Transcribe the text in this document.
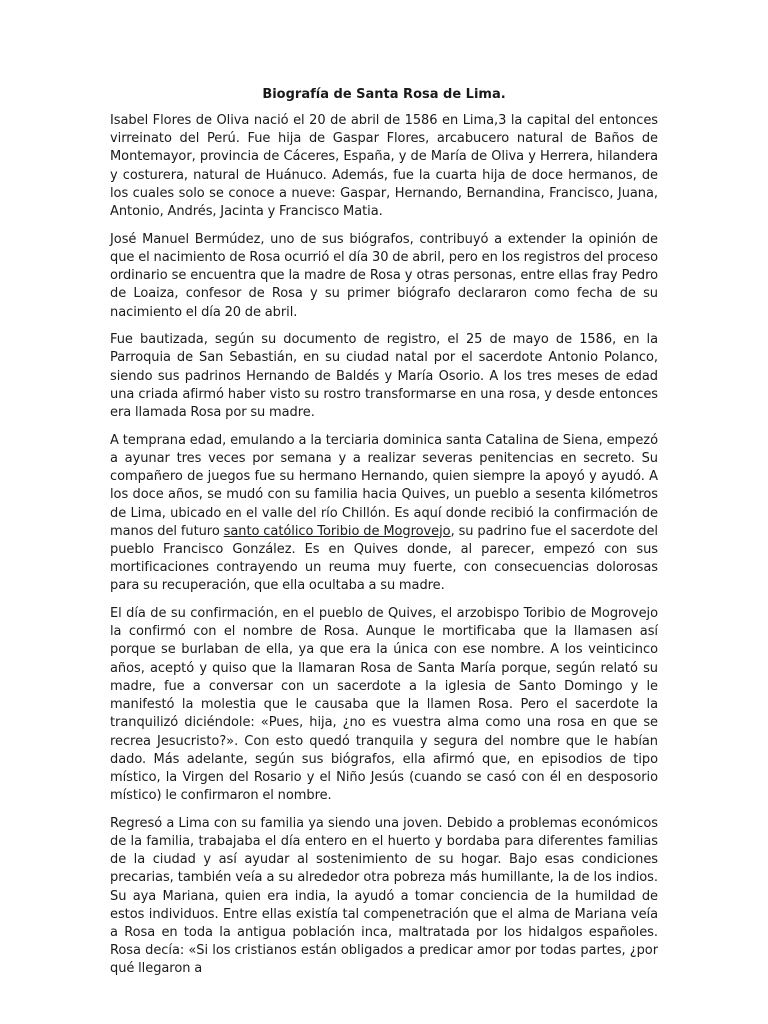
Biografía de Santa Rosa de Lima.

Isabel Flores de Oliva nació el 20 de abril de 1586 en Lima,3 la capital del entonces virreinato del Perú. Fue hija de Gaspar Flores, arcabucero natural de Baños de Montemayor, provincia de Cáceres, España, y de María de Oliva y Herrera, hilandera y costurera, natural de Huánuco. Además, fue la cuarta hija de doce hermanos, de los cuales solo se conoce a nueve: Gaspar, Hernando, Bernandina, Francisco, Juana, Antonio, Andrés, Jacinta y Francisco Matia.

José Manuel Bermúdez, uno de sus biógrafos, contribuyó a extender la opinión de que el nacimiento de Rosa ocurrió el día 30 de abril, pero en los registros del proceso ordinario se encuentra que la madre de Rosa y otras personas, entre ellas fray Pedro de Loaiza, confesor de Rosa y su primer biógrafo declararon como fecha de su nacimiento el día 20 de abril.

Fue bautizada, según su documento de registro, el 25 de mayo de 1586, en la Parroquia de San Sebastián, en su ciudad natal por el sacerdote Antonio Polanco, siendo sus padrinos Hernando de Baldés y María Osorio. A los tres meses de edad una criada afirmó haber visto su rostro transformarse en una rosa, y desde entonces era llamada Rosa por su madre.

A temprana edad, emulando a la terciaria dominica santa Catalina de Siena, empezó a ayunar tres veces por semana y a realizar severas penitencias en secreto. Su compañero de juegos fue su hermano Hernando, quien siempre la apoyó y ayudó. A los doce años, se mudó con su familia hacia Quives, un pueblo a sesenta kilómetros de Lima, ubicado en el valle del río Chillón. Es aquí donde recibió la confirmación de manos del futuro santo católico Toribio de Mogrovejo, su padrino fue el sacerdote del pueblo Francisco González. Es en Quives donde, al parecer, empezó con sus mortificaciones contrayendo un reuma muy fuerte, con consecuencias dolorosas para su recuperación, que ella ocultaba a su madre.

El día de su confirmación, en el pueblo de Quives, el arzobispo Toribio de Mogrovejo la confirmó con el nombre de Rosa. Aunque le mortificaba que la llamasen así porque se burlaban de ella, ya que era la única con ese nombre. A los veinticinco años, aceptó y quiso que la llamaran Rosa de Santa María porque, según relató su madre, fue a conversar con un sacerdote a la iglesia de Santo Domingo y le manifestó la molestia que le causaba que la llamen Rosa. Pero el sacerdote la tranquilizó diciéndole: «Pues, hija, ¿no es vuestra alma como una rosa en que se recrea Jesucristo?». Con esto quedó tranquila y segura del nombre que le habían dado. Más adelante, según sus biógrafos, ella afirmó que, en episodios de tipo místico, la Virgen del Rosario y el Niño Jesús (cuando se casó con él en desposorio místico) le confirmaron el nombre.

Regresó a Lima con su familia ya siendo una joven. Debido a problemas económicos de la familia, trabajaba el día entero en el huerto y bordaba para diferentes familias de la ciudad y así ayudar al sostenimiento de su hogar. Bajo esas condiciones precarias, también veía a su alrededor otra pobreza más humillante, la de los indios. Su aya Mariana, quien era india, la ayudó a tomar conciencia de la humildad de estos individuos. Entre ellas existía tal compenetración que el alma de Mariana veía a Rosa en toda la antigua población inca, maltratada por los hidalgos españoles. Rosa decía: «Si los cristianos están obligados a predicar amor por todas partes, ¿por qué llegaron a
